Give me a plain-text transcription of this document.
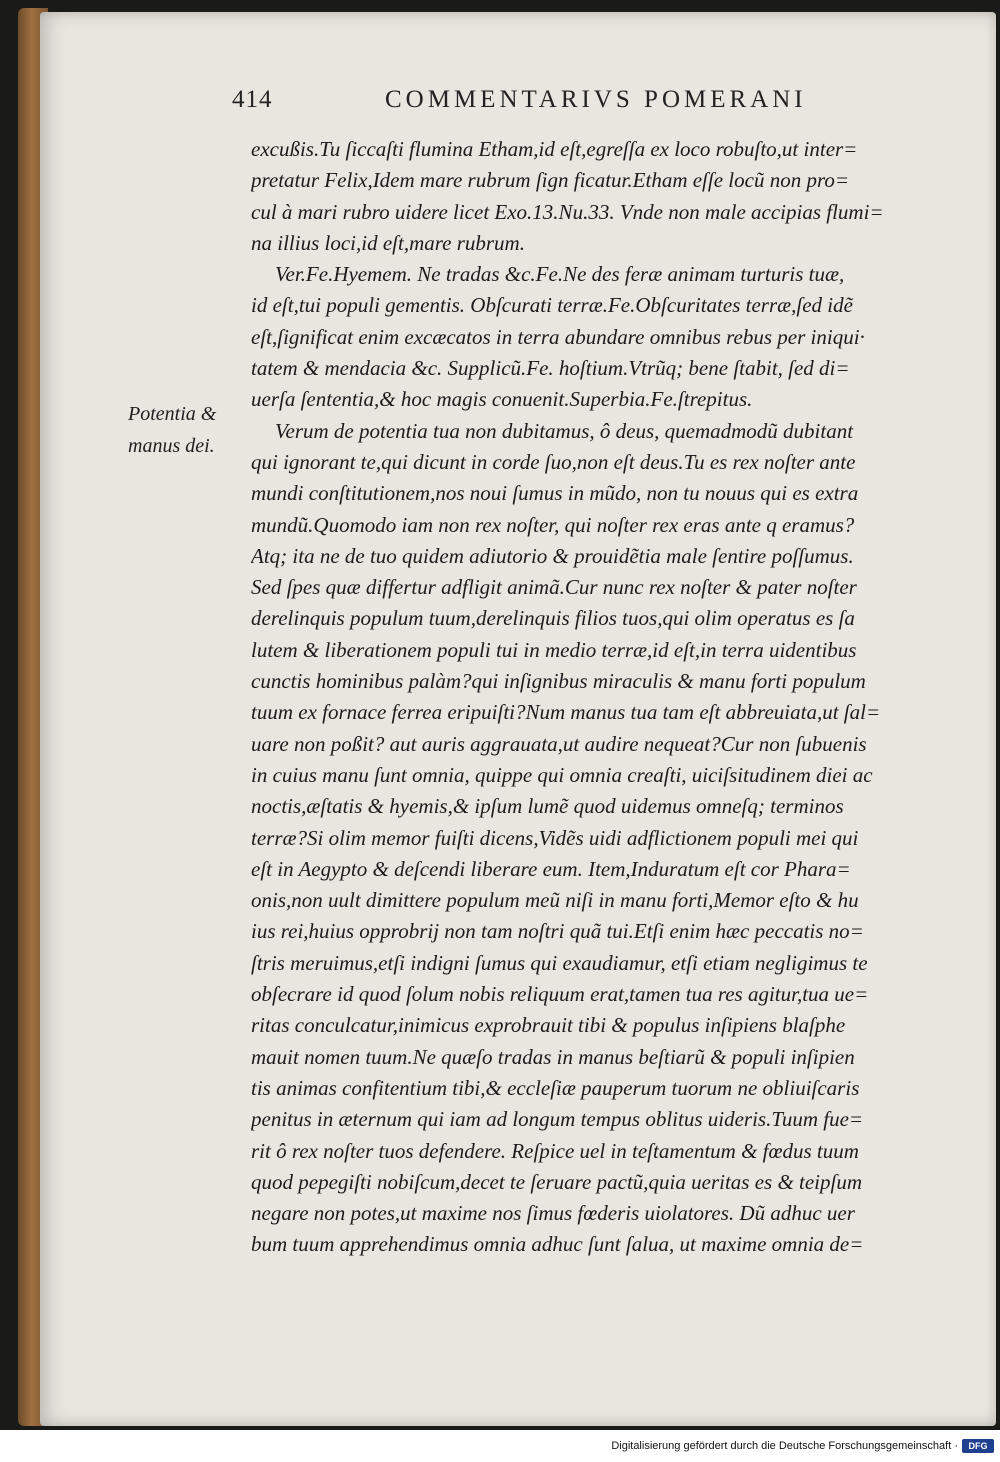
414	COMMENTARIVS POMERANI
Potentia &
manus dei.
excußis.Tu ſiccaſti flumina Etham,id eſt,egreſſa ex loco robuſto,ut inter=
pretatur Felix,Idem mare rubrum ſign ficatur.Etham eſſe locũ non pro=
cul à mari rubro uidere licet Exo.13.Nu.33. Vnde non male accipias flumi=
na illius loci,id eſt,mare rubrum.
Ver.Fe.Hyemem. Ne tradas &c.Fe.Ne des feræ animam turturis tuæ,
id eſt,tui populi gementis. Obſcurati terræ.Fe.Obſcuritates terræ,ſed idẽ
eſt,ſignificat enim excæcatos in terra abundare omnibus rebus per iniqui·
tatem & mendacia &c. Supplicũ.Fe. hoſtium.Vtrũq; bene ſtabit, ſed di=
uerſa ſententia,& hoc magis conuenit.Superbia.Fe.ſtrepitus.
Verum de potentia tua non dubitamus, ô deus, quemadmodũ dubitant
qui ignorant te,qui dicunt in corde ſuo,non eſt deus.Tu es rex noſter ante
mundi conſtitutionem,nos noui ſumus in mũdo, non tu nouus qui es extra
mundũ.Quomodo iam non rex noſter, qui noſter rex eras ante q eramus?
Atq; ita ne de tuo quidem adiutorio & prouidẽtia male ſentire poſſumus.
Sed ſpes quæ differtur adfligit animã.Cur nunc rex noſter & pater noſter
derelinquis populum tuum,derelinquis filios tuos,qui olim operatus es ſa
lutem & liberationem populi tui in medio terræ,id eſt,in terra uidentibus
cunctis hominibus palàm?qui inſignibus miraculis & manu forti populum
tuum ex fornace ferrea eripuiſti?Num manus tua tam eſt abbreuiata,ut ſal=
uare non poßit? aut auris aggrauata,ut audire nequeat?Cur non ſubuenis
in cuius manu ſunt omnia, quippe qui omnia creaſti, uiciſsitudinem diei ac
noctis,æſtatis & hyemis,& ipſum lumẽ quod uidemus omneſq; terminos
terræ?Si olim memor fuiſti dicens,Vidẽs uidi adflictionem populi mei qui
eſt in Aegypto & deſcendi liberare eum. Item,Induratum eſt cor Phara=
onis,non uult dimittere populum meũ niſi in manu forti,Memor eſto & hu
ius rei,huius opprobrij non tam noſtri quã tui.Etſi enim hæc peccatis no=
ſtris meruimus,etſi indigni ſumus qui exaudiamur, etſi etiam negligimus te
obſecrare id quod ſolum nobis reliquum erat,tamen tua res agitur,tua ue=
ritas conculcatur,inimicus exprobrauit tibi & populus inſipiens blaſphe
mauit nomen tuum.Ne quæſo tradas in manus beſtiarũ & populi inſipien
tis animas confitentium tibi,& eccleſiæ pauperum tuorum ne obliuiſcaris
penitus in æternum qui iam ad longum tempus oblitus uideris.Tuum fue=
rit ô rex noſter tuos defendere. Reſpice uel in teſtamentum & fœdus tuum
quod pepegiſti nobiſcum,decet te ſeruare pactũ,quia ueritas es & teipſum
negare non potes,ut maxime nos ſimus fœderis uiolatores. Dũ adhuc uer
bum tuum apprehendimus omnia adhuc ſunt ſalua, ut maxime omnia de=
Digitalisierung gefördert durch die Deutsche Forschungsgemeinschaft ·	DFG
